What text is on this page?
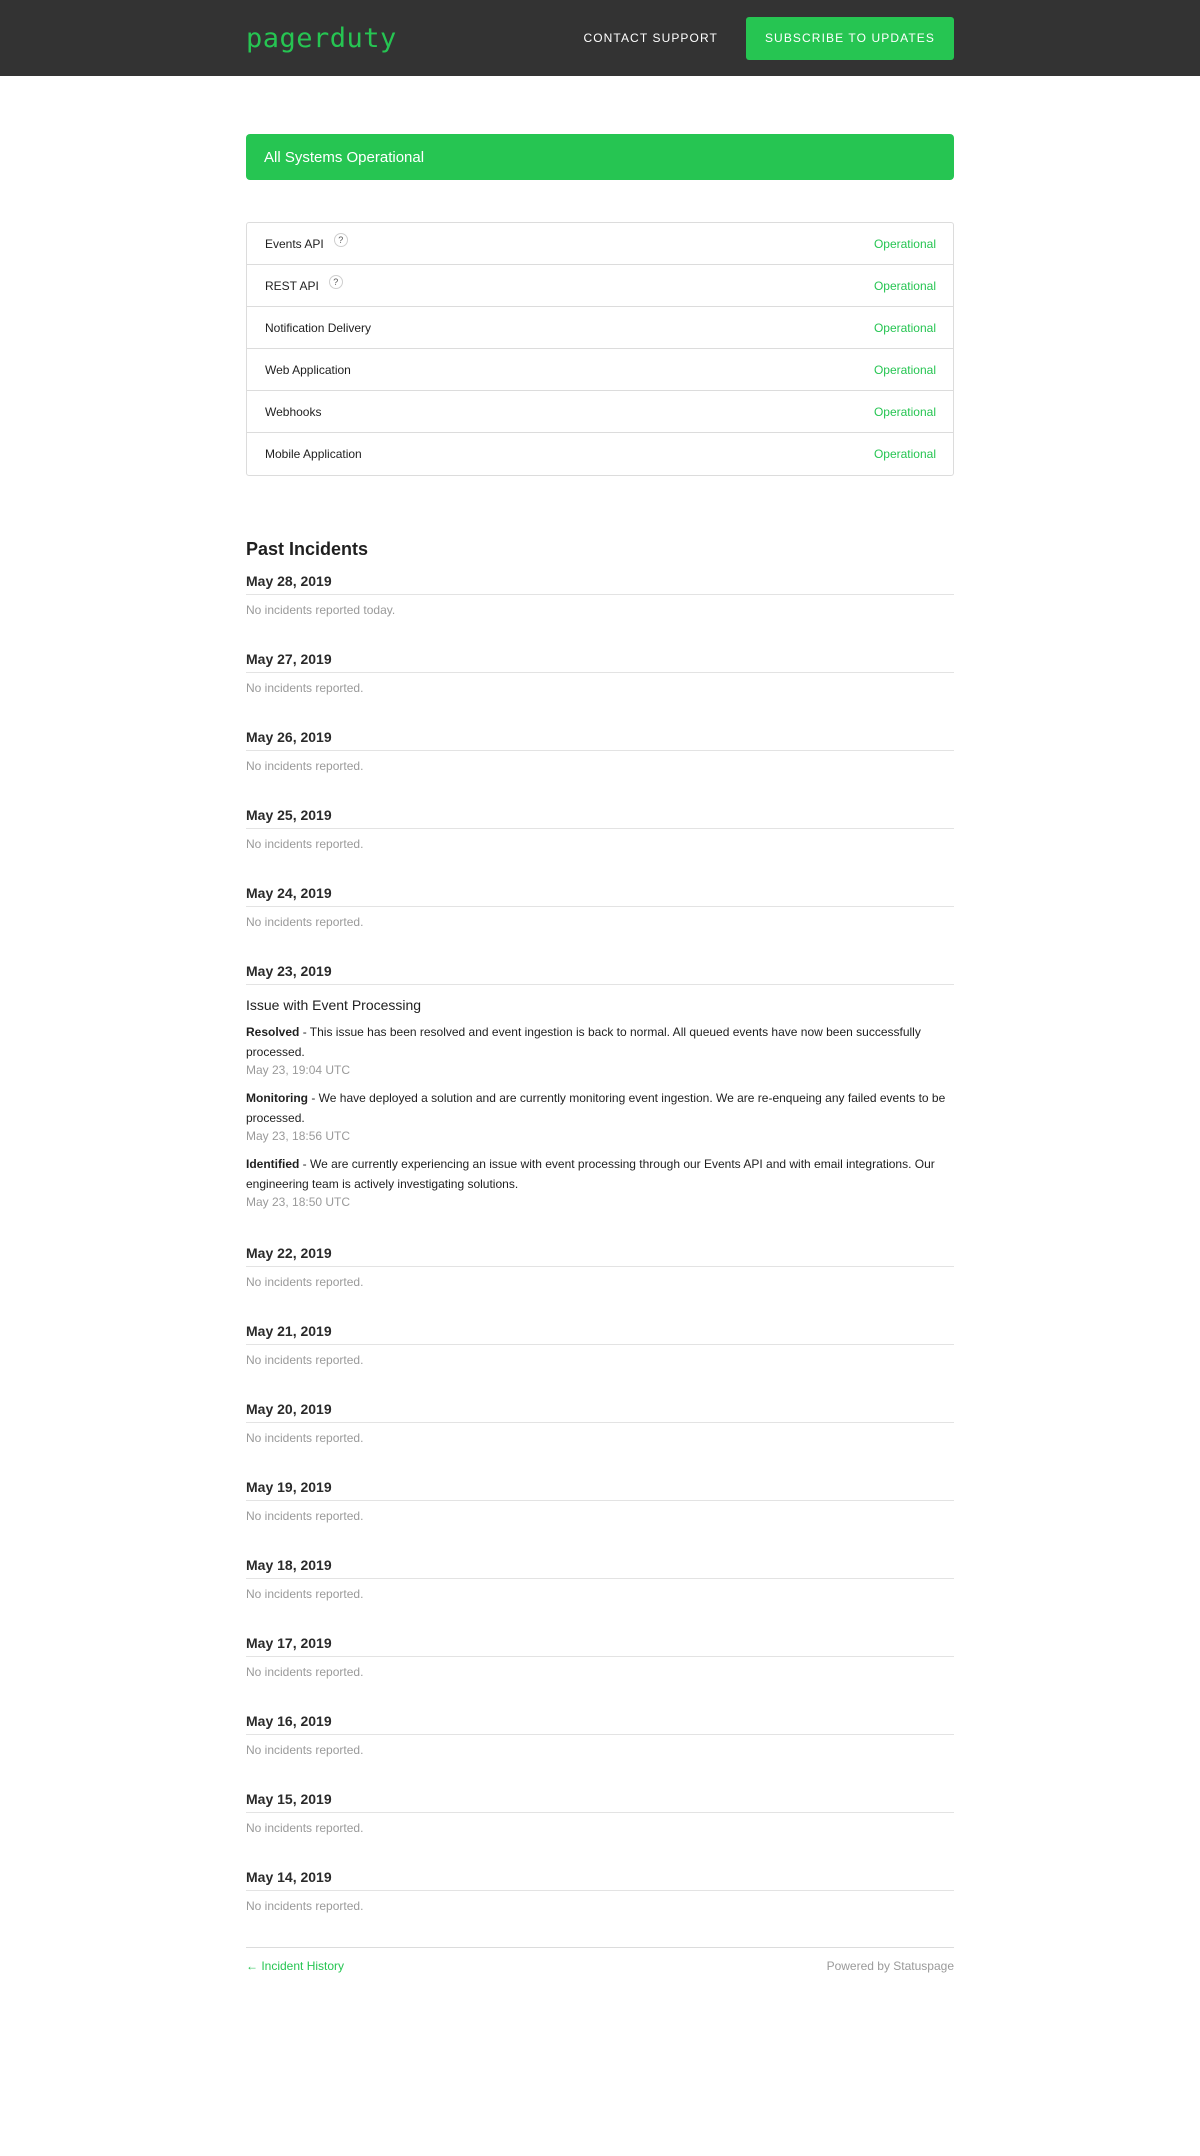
pagerduty	CONTACT SUPPORT	SUBSCRIBE TO UPDATES
All Systems Operational
Events API	?	Operational
REST API	?	Operational
Notification Delivery	Operational
Web Application	Operational
Webhooks	Operational
Mobile Application	Operational
Past Incidents
May 28, 2019
No incidents reported today.
May 27, 2019
No incidents reported.
May 26, 2019
No incidents reported.
May 25, 2019
No incidents reported.
May 24, 2019
No incidents reported.
May 23, 2019
Issue with Event Processing
Resolved - This issue has been resolved and event ingestion is back to normal. All queued events have now been successfully processed.
May 23, 19:04 UTC
Monitoring - We have deployed a solution and are currently monitoring event ingestion. We are re-enqueing any failed events to be processed.
May 23, 18:56 UTC
Identified - We are currently experiencing an issue with event processing through our Events API and with email integrations. Our engineering team is actively investigating solutions.
May 23, 18:50 UTC
May 22, 2019
No incidents reported.
May 21, 2019
No incidents reported.
May 20, 2019
No incidents reported.
May 19, 2019
No incidents reported.
May 18, 2019
No incidents reported.
May 17, 2019
No incidents reported.
May 16, 2019
No incidents reported.
May 15, 2019
No incidents reported.
May 14, 2019
No incidents reported.
← Incident History	Powered by Statuspage
